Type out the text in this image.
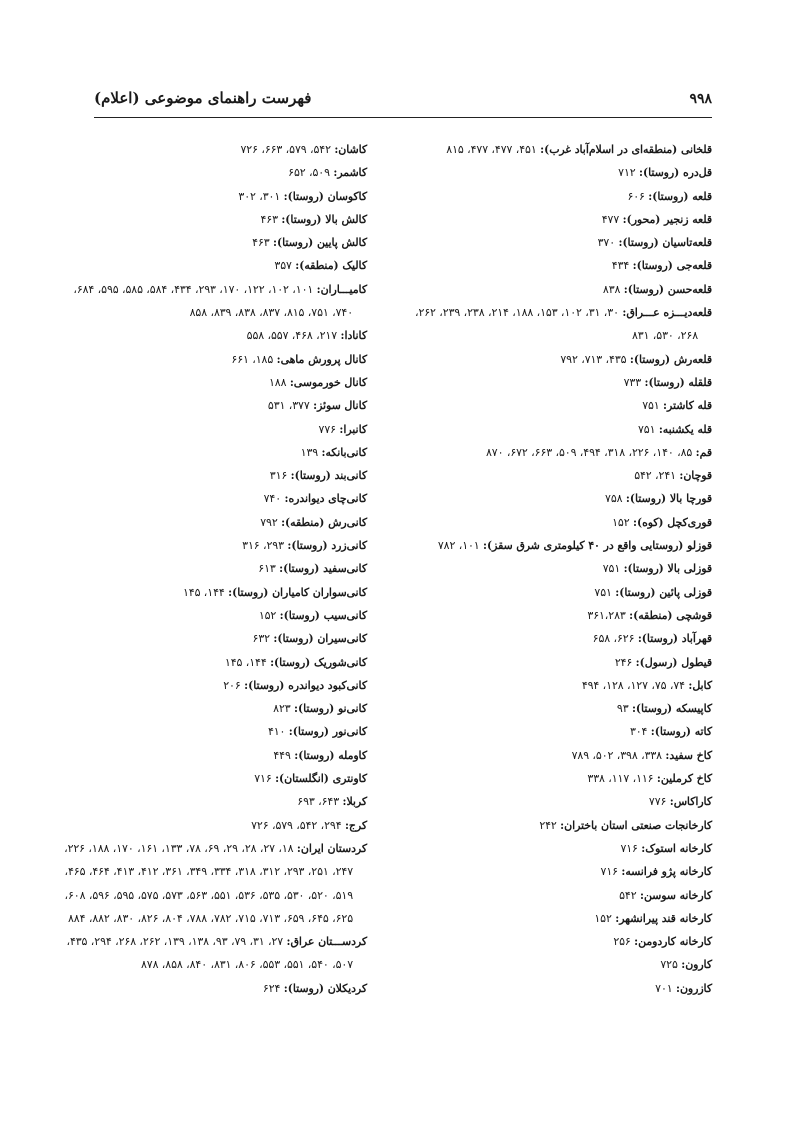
۹۹۸
فهرست راهنمای موضوعی (اعلام)
قلخانی (منطقه‌ای در اسلام‌آباد غرب): ۴۵۱، ۴۷۷، ۴۷۷، ۸۱۵
قل‌دره (روستا): ۷۱۲
قلعه (روستا): ۶۰۶
قلعه زنجیر (محور): ۴۷۷
قلعه‌تاسیان (روستا): ۳۷۰
قلعه‌جی (روستا): ۴۳۴
قلعه‌حسن (روستا): ۸۳۸
قلعه‌دیـــزه عـــراق: ۳۰، ۳۱، ۱۰۲، ۱۵۳، ۱۸۸، ۲۱۴، ۲۳۸، ۲۳۹، ۲۶۲،
۲۶۸، ۵۳۰، ۸۳۱
قلعه‌رش (روستا): ۴۳۵، ۷۱۳، ۷۹۲
قلقله (روستا): ۷۳۳
قله کاشتر: ۷۵۱
قله یکشنبه: ۷۵۱
قم: ۸۵، ۱۴۰، ۲۲۶، ۳۱۸، ۴۹۴، ۵۰۹، ۶۶۳، ۶۷۲، ۸۷۰
قوچان: ۲۴۱، ۵۴۲
قورچا بالا (روستا): ۷۵۸
قوری‌کچل (کوه): ۱۵۲
قوزلو (روستایی واقع در ۴۰ کیلومتری شرق سقز): ۱۰۱، ۷۸۲
قوزلی بالا (روستا): ۷۵۱
قوزلی پائین (روستا): ۷۵۱
قوشچی (منطقه): ۳۶۱،۲۸۳
قهرآباد (روستا): ۶۲۶، ۶۵۸
قیطول (رسول): ۲۴۶
کابل: ۷۴، ۷۵، ۱۲۷، ۱۲۸، ۴۹۴
کاپیسکه (روستا): ۹۳
کاته (روستا): ۳۰۴
کاخ سفید: ۳۳۸، ۳۹۸، ۵۰۲، ۷۸۹
کاخ کرملین: ۱۱۶، ۱۱۷، ۳۳۸
کاراکاس: ۷۷۶
کارخانجات صنعتی استان باختران: ۲۴۲
کارخانه استوک: ۷۱۶
کارخانه پژو فرانسه: ۷۱۶
کارخانه سوسن: ۵۴۲
کارخانه قند پیرانشهر: ۱۵۲
کارخانه کاردومن: ۲۵۶
کارون: ۷۲۵
کازرون: ۷۰۱
کاشان: ۵۴۲، ۵۷۹، ۶۶۳، ۷۲۶
کاشمر: ۵۰۹، ۶۵۲
کاکوسان (روستا): ۳۰۱، ۳۰۲
کالش بالا (روستا): ۴۶۳
کالش پایین (روستا): ۴۶۳
کالیک (منطقه): ۳۵۷
کامیـــاران: ۱۰۱، ۱۰۲، ۱۲۲، ۱۷۰، ۲۹۳، ۴۳۴، ۵۸۴، ۵۸۵، ۵۹۵، ۶۸۴،
۷۴۰، ۷۵۱، ۸۱۵، ۸۳۷، ۸۳۸، ۸۳۹، ۸۵۸
کانادا: ۲۱۷، ۴۶۸، ۵۵۷، ۵۵۸
کانال پرورش ماهی: ۱۸۵، ۶۶۱
کانال خورموسی: ۱۸۸
کانال سوئز: ۳۷۷، ۵۳۱
کانبرا: ۷۷۶
کانی‌بانکه: ۱۳۹
کانی‌بند (روستا): ۳۱۶
کانی‌چای دیواندره: ۷۴۰
کانی‌رش (منطقه): ۷۹۲
کانی‌زرد (روستا): ۲۹۳، ۳۱۶
کانی‌سفید (روستا): ۶۱۳
کانی‌سواران کامیاران (روستا): ۱۴۴، ۱۴۵
کانی‌سیب (روستا): ۱۵۲
کانی‌سیران (روستا): ۶۳۲
کانی‌شوریک (روستا): ۱۴۴، ۱۴۵
کانی‌کبود دیواندره (روستا): ۲۰۶
کانی‌نو (روستا): ۸۲۳
کانی‌نور (روستا): ۴۱۰
کاومله (روستا): ۴۴۹
کاونتری (انگلستان): ۷۱۶
کربلا: ۶۴۳، ۶۹۳
کرج: ۲۹۴، ۵۴۲، ۵۷۹، ۷۲۶
کردستان ایران: ۱۸، ۲۷، ۲۸، ۲۹، ۶۹، ۷۸، ۱۳۳، ۱۶۱، ۱۷۰، ۱۸۸، ۲۲۶،
۲۴۷، ۲۵۱، ۲۹۳، ۳۱۲، ۳۱۸، ۳۳۴، ۳۴۹، ۳۶۱، ۴۱۲، ۴۱۳، ۴۶۴، ۴۶۵،
۵۱۹، ۵۲۰، ۵۳۰، ۵۳۵، ۵۳۶، ۵۵۱، ۵۶۳، ۵۷۳، ۵۷۵، ۵۹۵، ۵۹۶، ۶۰۸،
۶۲۵، ۶۴۵، ۶۵۹، ۷۱۳، ۷۱۵، ۷۸۲، ۷۸۸، ۸۰۴، ۸۲۶، ۸۳۰، ۸۸۲، ۸۸۴
کردســـتان عراق: ۲۷، ۳۱، ۷۹، ۹۳، ۱۳۸، ۱۳۹، ۲۶۲، ۲۶۸، ۲۹۴، ۴۳۵،
۵۰۷، ۵۴۰، ۵۵۱، ۵۵۳، ۸۰۶، ۸۳۱، ۸۴۰، ۸۵۸، ۸۷۸
کردیکلان (روستا): ۶۲۴
